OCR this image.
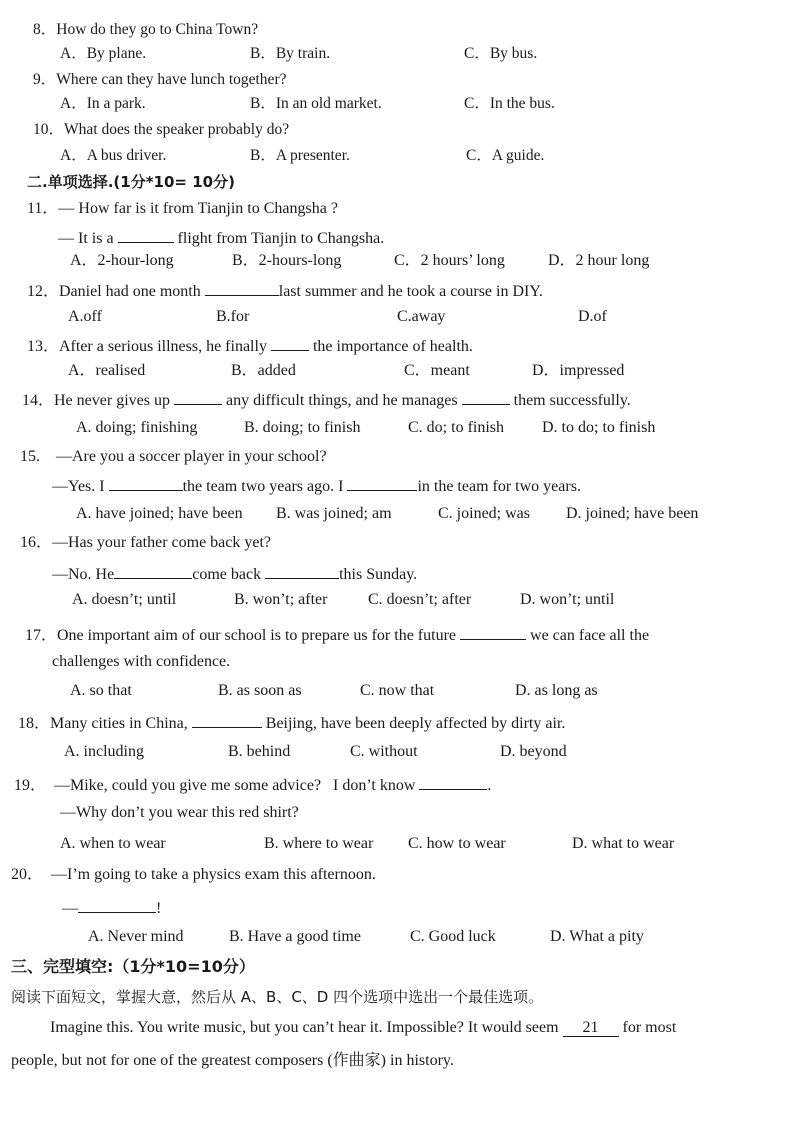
8．How do they go to China Town?
A．By plane.	B．By train.	C．By bus.
9．Where can they have lunch together?
A．In a park.	B．In an old market.	C．In the bus.
10．What does the speaker probably do?
A．A bus driver.	B．A presenter.	C．A guide.
二.单项选择.(1分*10= 10分)
11．— How far is it from Tianjin to Changsha ?
— It is a	flight from Tianjin to Changsha.
A．2-hour-long	B．2-hours-long	C．2 hours’ long	D．2 hour long
12．Daniel had one month	last summer and he took a course in DIY.
A.off	B.for	C.away	D.of
13．After a serious illness, he finally	the importance of health.
A．realised	B．added	C．meant	D．impressed
14．He never gives up	any difficult things, and he manages	them successfully.
A. doing; finishing	B. doing; to finish	C. do; to finish D. to do; to finish
15.    —Are you a soccer player in your school?
—Yes. I	the team two years ago. I	in the team for two years.
A. have joined; have been B. was joined; am	C. joined; was D. joined; have been
16．—Has your father come back yet?
—No. He	come back	this Sunday.
A. doesn’t; until	B. won’t; after	C. doesn’t; after	D. won’t; until
17．One important aim of our school is to prepare us for the future	we can face all the
challenges with confidence.
A. so that	B. as soon as	C. now that	D. as long as
18．Many cities in China,	Beijing, have been deeply affected by dirty air.
A. including	B. behind	C. without	D. beyond
19．  —Mike, could you give me some advice?   I don’t know	.
—Why don’t you wear this red shirt?
A. when to wear	B. where to wear C. how to wear	D. what to wear
20．  —I’m going to take a physics exam this afternoon.
—	!
A. Never mind	B. Have a good time	C. Good luck	D. What a pity
三、完型填空:（1分*10=10分）
阅读下面短文，掌握大意，然后从 A、B、C、D 四个选项中选出一个最佳选项。
Imagine this. You write music, but you can’t hear it. Impossible? It would seem 21 for most
people, but not for one of the greatest composers (作曲家) in history.
